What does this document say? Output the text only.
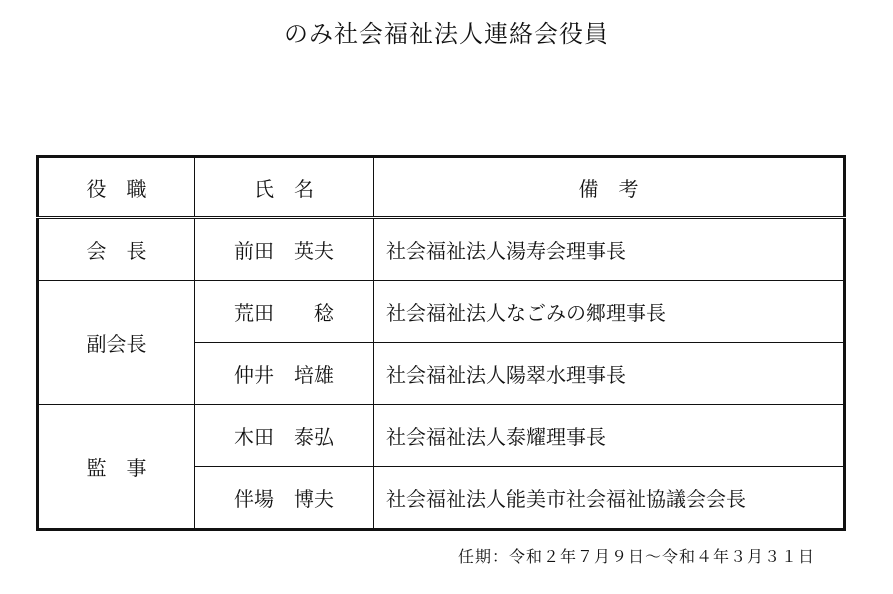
のみ社会福祉法人連絡会役員
役　職	氏　名	備　考
会　長	前田　英夫	社会福祉法人湯寿会理事長
副会長	荒田　　稔	社会福祉法人なごみの郷理事長
	仲井　培雄	社会福祉法人陽翠水理事長
監　事	木田　泰弘	社会福祉法人泰耀理事長
	伴場　博夫	社会福祉法人能美市社会福祉協議会会長
任期：令和２年７月９日～令和４年３月３１日
